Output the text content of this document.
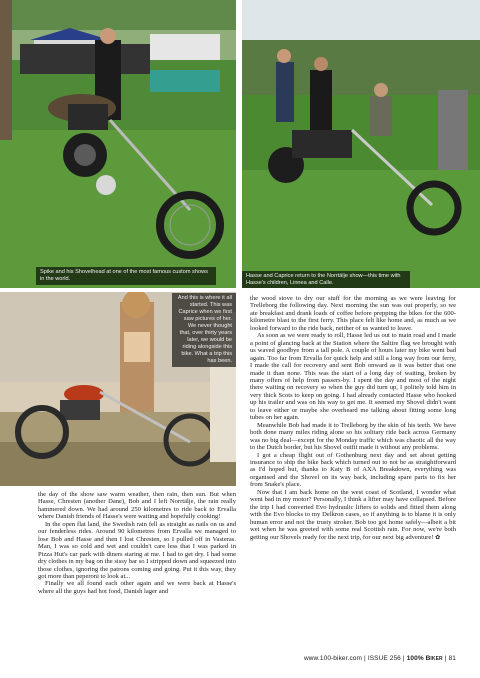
Spike and his Shovelhead at one of the most famous custom shows in the world.	Hasse and Caprice return to the Norrtälje show—this time with Hasse's children, Linnea and Calle.
And this is where it all started. This was Caprice when we first saw pictures of her. We never thought that, over thirty years later, we would be riding alongside this bike. What a trip this has been.

the day of the show saw warm weather, then rain, then sun. But when Hasse, Chresten (another Dane), Bob and I left Norrtälje, the rain really hammered down. We had around 250 kilometres to ride back to Ervalla where Danish friends of Hasse's were waiting and hopefully cooking!

In the open flat land, the Swedish rain fell as straight as nails on us and our fenderless rides. Around 90 kilometres from Ervalla we managed to lose Bob and Hasse and then I lost Chresten, so I pulled off in Vasteras. Man, I was so cold and wet and couldn't care less that I was parked in Pizza Hut's car park with diners staring at me. I had to get dry. I had some dry clothes in my bag on the sissy bar so I stripped down and squeezed into those clothes, ignoring the patrons coming and going. Put it this way, they got more than peperoni to look at...

Finally we all found each other again and we were back at Hasse's where all the guys had hot food, Danish lager and

the wood stove to dry our stuff for the morning as we were leaving for Trelleborg the following day. Next morning the sun was out properly, so we ate breakfast and drank loads of coffee before prepping the bikes for the 600-kilometre blast to the first ferry. This place felt like home and, as much as we looked forward to the ride back, neither of us wanted to leave.

As soon as we were ready to roll, Hasse led us out to main road and I made a point of glancing back at the Station where the Saltire flag we brought with us waved goodbye from a tall pole. A couple of hours later my bike went bad again. Too far from Ervalla for quick help and still a long way from our ferry, I made the call for recovery and sent Bob onward as it was better that one made it than none. This was the start of a long day of waiting, broken by many offers of help from passers-by. I spent the day and most of the night there waiting on recovery so when the guy did turn up, I politely told him in very thick Scots to keep on going. I had already contacted Hasse who hooked up his trailer and was on his way to get me. It seemed my Shovel didn't want to leave either or maybe she overheard me talking about fitting some long tubes on her again.

Meanwhile Bob had made it to Trelleborg by the skin of his teeth. We have both done many miles riding alone so his solitary ride back across Germany was no big deal—except for the Monday traffic which was chaotic all the way to the Dutch border, but his Shovel outfit made it without any problems.

I got a cheap flight out of Gothenburg next day and set about getting insurance to ship the bike back which turned out to not be as straightforward as I'd hoped but, thanks to Katy B of AXA Breakdown, everything was organised and the Shovel on its way back, including spare parts to fix her from Snake's place.

Now that I am back home on the west coast of Scotland, I wonder what went bad in my motor? Personally, I think a lifter may have collapsed. Before the trip I had converted Evo hydraulic lifters to solids and fitted them along with the Evo blocks to my Delkron cases, so if anything is to blame it is only human error and not the trusty stroker. Bob too got home safely—albeit a bit wet when he was greeted with some real Scottish rain. For now, we're both getting our Shovels ready for the next trip, for our next big adventure! ✿

www.100-biker.com | ISSUE 256 | 100% Biker | 81
